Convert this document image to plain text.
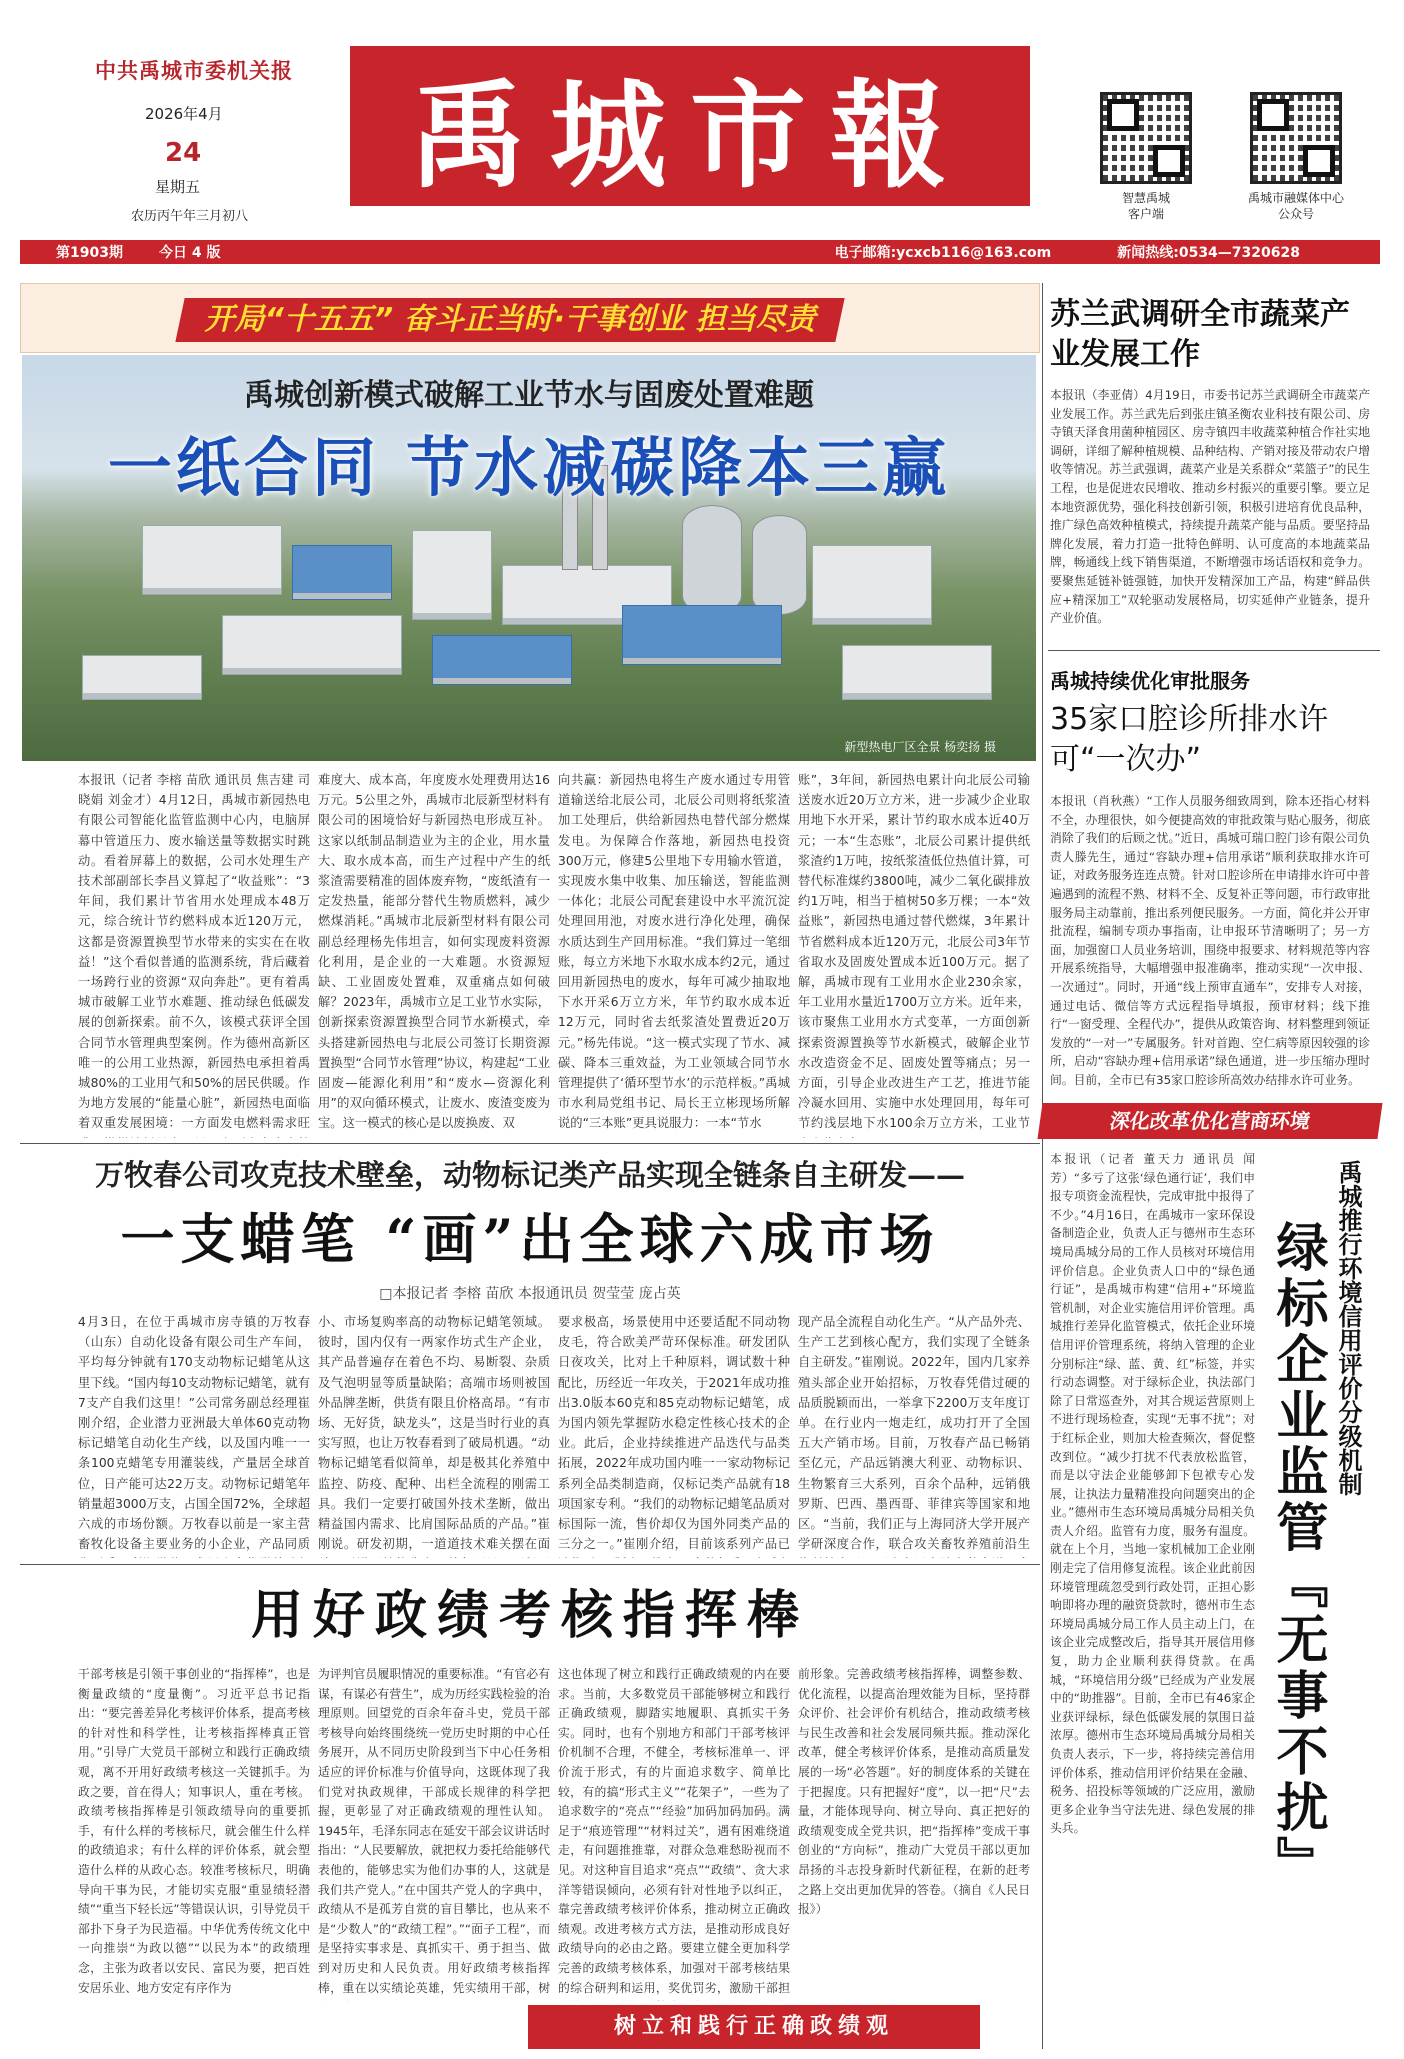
中共禹城市委机关报
2026年4月
24
星期五
农历丙午年三月初八
禹城市報	智慧禹城
客户端
禹城市融媒体中心
公众号
第1903期	今日 4 版	电子邮箱:ycxcb116@163.com	新闻热线:0534—7320628
开局“十五五” 奋斗正当时·干事创业 担当尽责
禹城创新模式破解工业节水与固废处置难题
一纸合同 节水减碳降本三赢
新型热电厂区全景 杨奕扬 摄
本报讯（记者 李榕 苗欣 通讯员 焦吉建 司晓娟 刘金才）4月12日，禹城市新园热电有限公司智能化监管监测中心内，电脑屏幕中管道压力、废水输送量等数据实时跳动。看着屏幕上的数据，公司水处理生产技术部副部长李昌义算起了“收益账”：“3年间，我们累计节省用水处理成本48万元，综合统计节约燃料成本近120万元，这都是资源置换型节水带来的实实在在收益！”这个看似普通的监测系统，背后藏着一场跨行业的资源“双向奔赴”。更有着禹城市破解工业节水难题、推动绿色低碳发展的创新探索。前不久，该模式获评全国合同节水管理典型案例。作为德州高新区唯一的公用工业热源，新园热电承担着禹城80%的工业用气和50%的居民供暖。作为地方发展的“能量心脏”，新园热电面临着双重发展困境：一方面发电燃料需求旺
难度大、成本高，年度废水处理费用达16万元。5公里之外，禹城市北辰新型材料有限公司的困境恰好与新园热电形成互补。这家以纸制品制造业为主的企业，用水量大、取水成本高，而生产过程中产生的纸浆渣需要精准的固体废弃物，“废纸渣有一定发热量，能部分替代生物质燃料，减少燃煤消耗。”禹城市北辰新型材料有限公司副总经理杨先伟坦言，如何实现废料资源化利用，是企业的一大难题。水资源短缺、工业固废处置难，双重痛点如何破解？2023年，禹城市立足工业节水实际，创新探索资源置换型合同节水新模式，牵头搭建新园热电与北辰公司签订长期资源置换型“合同节水管理”协议，构建起“工业固废—能源化利用”和“废水—资源化利用”的双向循环模式，让废水、废渣变废为宝。这一模式的核心是以废换废、双
向共赢：新园热电将生产废水通过专用管道输送给北辰公司，北辰公司则将纸浆渣加工处理后，供给新园热电替代部分燃煤发电。为保障合作落地，新园热电投资300万元，修建5公里地下专用输水管道，实现废水集中收集、加压输送，智能监测一体化；北辰公司配套建设中水平流沉淀处理回用池，对废水进行净化处理，确保水质达到生产回用标准。“我们算过一笔细账，每立方米地下水取水成本约2元，通过回用新园热电的废水，每年可减少抽取地下水开采6万立方米，年节约取水成本近12万元，同时省去纸浆渣处置费近20万元。”杨先伟说。“这一模式实现了节水、减碳、降本三重效益，为工业领域合同节水管理提供了‘循环型节水’的示范样板。”禹城市水利局党组书记、局长王立彬现场所解说的“三本账”更具说服力：一本“节水
账”，3年间，新园热电累计向北辰公司输送废水近20万立方米，进一步减少企业取用地下水开采，累计节约取水成本近40万元；一本“生态账”，北辰公司累计提供纸浆渣约1万吨，按纸浆渣低位热值计算，可替代标准煤约3800吨，减少二氧化碳排放约1万吨，相当于植树50多万棵；一本“效益账”，新园热电通过替代燃煤，3年累计节省燃料成本近120万元，北辰公司3年节省取水及固废处置成本近100万元。据了解，禹城市现有工业用水企业230余家，年工业用水量近1700万立方米。近年来，该市聚焦工业用水方式变革，一方面创新探索资源置换等节水新模式，破解企业节水改造资金不足、固废处置等痛点；另一方面，引导企业改进生产工艺，推进节能冷凝水回用、实施中水处理回用，每年可节约浅层地下水100余万立方米，工业节
万牧春公司攻克技术壁垒，动物标记类产品实现全链条自主研发——
一支蜡笔 “画”出全球六成市场
□本报记者 李榕 苗欣 本报通讯员 贺莹莹 庞占英
4月3日，在位于禹城市房寺镇的万牧春（山东）自动化设备有限公司生产车间，平均每分钟就有170支动物标记蜡笔从这里下线。“国内每10支动物标记蜡笔，就有7支产自我们这里！”公司常务副总经理崔刚介绍，企业潜力亚洲最大单体60克动物标记蜡笔自动化生产线，以及国内唯一一条100克蜡笔专用灌装线，产量居全球首位，日产能可达22万支。动物标记蜡笔年销量超3000万支，占国全国72%，全球超六成的市场份额。万牧春以前是一家主营畜牧化设备主要业务的小企业，产品同质
小、市场复购率高的动物标记蜡笔领域。彼时，国内仅有一两家作坊式生产企业，其产品普遍存在着色不均、易断裂、杂质及气泡明显等质量缺陷；高端市场则被国外品牌垄断，供货有限且价格高昂。“有市场、无好货，缺龙头”，这是当时行业的真实写照，也让万牧春看到了破局机遇。“动物标记蜡笔看似简单，却是极其化养殖中监控、防疫、配种、出栏全流程的刚需工具。我们一定要打破国外技术垄断，做出精益国内需求、比肩国际品质的产品。”崔刚说。研发初期，一道道技术难关摆在面
要求极高，场景使用中还要适配不同动物皮毛，符合欧美严苛环保标准。研发团队日夜攻关，比对上千种原料，调试数十种配比，历经近一年攻关，于2021年成功推出3.0版本60克和85克动物标记蜡笔，成为国内领先掌握防水稳定性核心技术的企业。此后，企业持续推进产品迭代与品类拓展，2022年成功国内唯一一家动物标记系列全品类制造商，仅标记类产品就有18项国家专利。“我们的动物标记蜡笔品质对标国际一流，售价却仅为国外同类产品的三分之一。”崔刚介绍，目前该系列产品已
现产品全流程自动化生产。“从产品外壳、生产工艺到核心配方，我们实现了全链条自主研发。”崔刚说。2022年，国内几家养殖头部企业开始招标，万牧春凭借过硬的品质脱颖而出，一举拿下2200万支年度订单。在行业内一炮走红，成功打开了全国五大产销市场。目前，万牧春产品已畅销至亿元，产品远销澳大利亚、动物标识、生物繁育三大系列，百余个品种，远销俄罗斯、巴西、墨西哥、菲律宾等国家和地区。“当前，我们正与上海同济大学开展产学研深度合作，联合攻关畜牧养殖前沿生
用好政绩考核指挥棒
干部考核是引领干事创业的“指挥棒”，也是衡量政绩的“度量衡”。习近平总书记指出：“要完善差异化考核评价体系，提高考核的针对性和科学性，让考核指挥棒真正管用。”引导广大党员干部树立和践行正确政绩观，离不开用好政绩考核这一关键抓手。为政之要，首在得人；知事识人，重在考核。政绩考核指挥棒是引领政绩导向的重要抓手，有什么样的考核标尺，就会催生什么样的政绩追求；有什么样的评价体系，就会塑造什么样的从政心态。较准考核标尺，明确导向干事为民，才能切实克服“重显绩轻潜绩”“重当下轻长远”等错误认识，引导党员干部扑下身子为民造福。中华优秀传统文化中一向推崇“为政以德”“以民为本”的政绩理念，主张为政者以安民、富民为要，把百姓安居乐业、地方安定有序作为
为评判官员履职情况的重要标准。“有官必有谋，有谋必有营生”，成为历经实践检验的治理原则。回望党的百余年奋斗史，党员干部考核导向始终围绕统一党历史时期的中心任务展开，从不同历史阶段到当下中心任务相适应的评价标准与价值导向，这既体现了我们党对执政规律，干部成长规律的科学把握，更彰显了对正确政绩观的理性认知。1945年，毛泽东同志在延安干部会议讲话时指出：“人民要解放，就把权力委托给能够代表他的，能够忠实为他们办事的人，这就是我们共产党人。”在中国共产党人的字典中，政绩从不是孤芳自赏的盲目攀比，也从来不是“少数人”的“政绩工程”。”“面子工程”，而是坚持实事求是、真抓实干、勇于担当、做到对历史和人民负责。用好政绩考核指挥棒，重在以实绩论英雄，凭实绩用干部，树
这也体现了树立和践行正确政绩观的内在要求。当前，大多数党员干部能够树立和践行正确政绩观，脚踏实地履职、真抓实干务实。同时，也有个别地方和部门干部考核评价机制不合理，不健全，考核标准单一、评价流于形式，有的片面追求数字、简单比较，有的搞“形式主义”“花架子”，一些为了追求数字的“亮点”“经验”加码加码加码。满足于“痕迹管理”“材料过关”，遇有困难绕道走，有问题推推靠，对群众急难愁盼视而不见。对这种盲目追求“亮点”“政绩”、贪大求洋等错误倾向，必须有针对性地予以纠正，靠完善政绩考核评价体系，推动树立正确政绩观。改进考核方式方法，是推动形成良好政绩导向的必由之路。要建立健全更加科学完善的政绩考核体系，加强对干部考核结果的综合研判和运用，奖优罚劣，激励干部担
前形象。完善政绩考核指挥棒，调整参数、优化流程，以提高治理效能为目标，坚持群众评价、社会评价有机结合，推动政绩考核与民生改善和社会发展同频共振。推动深化改革，健全考核评价体系，是推动高质量发展的一场“必答题”。好的制度体系的关键在于把握度。只有把握好“度”，以一把“尺”去量，才能体现导向、树立导向、真正把好的政绩观变成全党共识，把“指挥棒”变成干事创业的“方向标”，推动广大党员干部以更加昂扬的斗志投身新时代新征程，在新的赶考之路上交出更加优异的答卷。（摘自《人民日报》）
树立和践行正确政绩观
苏兰武调研全市蔬菜产业发展工作
本报讯（李亚倩）4月19日，市委书记苏兰武调研全市蔬菜产业发展工作。苏兰武先后到张庄镇圣衡农业科技有限公司、房寺镇天泽食用菌种植园区、房寺镇四丰收蔬菜种植合作社实地调研，详细了解种植规模、品种结构、产销对接及带动农户增收等情况。苏兰武强调，蔬菜产业是关系群众“菜篮子”的民生工程，也是促进农民增收、推动乡村振兴的重要引擎。要立足本地资源优势，强化科技创新引领，积极引进培育优良品种，推广绿色高效种植模式，持续提升蔬菜产能与品质。要坚持品牌化发展，着力打造一批特色鲜明、认可度高的本地蔬菜品牌，畅通线上线下销售渠道，不断增强市场话语权和竞争力。要聚焦延链补链强链，加快开发精深加工产品，构建“鲜品供应+精深加工”双轮驱动发展格局，切实延伸产业链条，提升产业价值。
禹城持续优化审批服务
35家口腔诊所排水许可“一次办”
本报讯（肖秋燕）“工作人员服务细致周到，除本还指心材料不全，办理很快，如今便捷高效的审批政策与贴心服务，彻底消除了我们的后顾之忧。”近日，禹城可瑞口腔门诊有限公司负责人滕先生，通过“容缺办理+信用承诺”顺利获取排水许可证，对政务服务连连点赞。针对口腔诊所在申请排水许可中普遍遇到的流程不熟、材料不全、反复补正等问题，市行政审批服务局主动靠前，推出系列便民服务。一方面，简化并公开审批流程，编制专项办事指南，让申报环节清晰明了；另一方面，加强窗口人员业务培训，围绕申报要求、材料规范等内容开展系统指导，大幅增强申报准确率，推动实现“一次申报、一次通过”。同时，开通“线上预审直通车”，安排专人对接，通过电话、微信等方式远程指导填报，预审材料；线下推行“一窗受理、全程代办”，提供从政策咨询、材料整理到领证发放的“一对一”专属服务。针对首跑、空仁病等原因较强的诊所，启动“容缺办理+信用承诺”绿色通道，进一步压缩办理时间。目前，全市已有35家口腔诊所高效办结排水许可业务。
深化改革优化营商环境
禹城推行环境信用评价分级机制
绿标企业监管『无事不扰』
本报讯（记者 董天力 通讯员 闻芳）“多亏了这张‘绿色通行证’，我们申报专项资金流程快，完成审批中报得了不少。”4月16日，在禹城市一家环保设备制造企业，负责人正与德州市生态环境局禹城分局的工作人员核对环境信用评价信息。企业负责人口中的“绿色通行证”，是禹城市构建“信用+”环境监管机制，对企业实施信用评价管理。禹城推行差异化监管模式，依托企业环境信用评价管理系统，将纳入管理的企业分别标注“绿、蓝、黄、红”标签，并实行动态调整。对于绿标企业，执法部门除了日常巡查外，对其合规运营原则上不进行现场检查，实现“无事不扰”；对于红标企业，则加大检查频次，督促整改到位。“减少打扰不代表放松监管，而是以守法企业能够卸下包袱专心发展，让执法力量精准投向问题突出的企业。”德州市生态环境局禹城分局相关负责人介绍。监管有力度，服务有温度。就在上个月，当地一家机械加工企业刚刚走完了信用修复流程。该企业此前因环境管理疏忽受到行政处罚，正担心影响即将办理的融资贷款时，德州市生态环境局禹城分局工作人员主动上门，在该企业完成整改后，指导其开展信用修复，助力企业顺利获得贷款。在禹城，“环境信用分级”已经成为产业发展中的“助推器”。目前，全市已有46家企业获评绿标，绿色低碳发展的氛围日益浓厚。德州市生态环境局禹城分局相关负责人表示，下一步，将持续完善信用评价体系，推动信用评价结果在金融、税务、招投标等领域的广泛应用，激励更多企业争当守法先进、绿色发展的排头兵。
